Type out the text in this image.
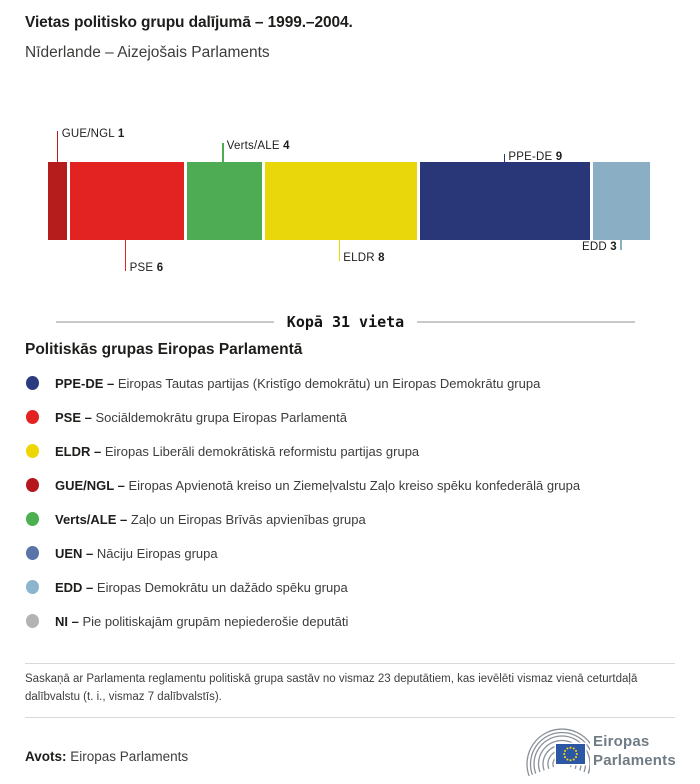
Vietas politisko grupu dalījumā – 1999.–2004.
Nīderlande – Aizejošais Parlaments
GUE/NGL 1
PSE 6
Verts/ALE 4
ELDR 8
PPE-DE 9
EDD 3
Kopā 31 vieta
Politiskās grupas Eiropas Parlamentā
PPE-DE – Eiropas Tautas partijas (Kristīgo demokrātu) un Eiropas Demokrātu grupa
PSE – Sociāldemokrātu grupa Eiropas Parlamentā
ELDR – Eiropas Liberāli demokrātiskā reformistu partijas grupa
GUE/NGL – Eiropas Apvienotā kreiso un Ziemeļvalstu Zaļo kreiso spēku konfederālā grupa
Verts/ALE – Zaļo un Eiropas Brīvās apvienības grupa
UEN – Nāciju Eiropas grupa
EDD – Eiropas Demokrātu un dažādo spēku grupa
NI – Pie politiskajām grupām nepiederošie deputāti
Saskaņā ar Parlamenta reglamentu politiskā grupa sastāv no vismaz 23 deputātiem, kas ievēlēti vismaz vienā ceturtdaļā dalībvalstu (t. i., vismaz 7 dalībvalstīs).
Avots: Eiropas Parlaments
Eiropas
Parlaments
